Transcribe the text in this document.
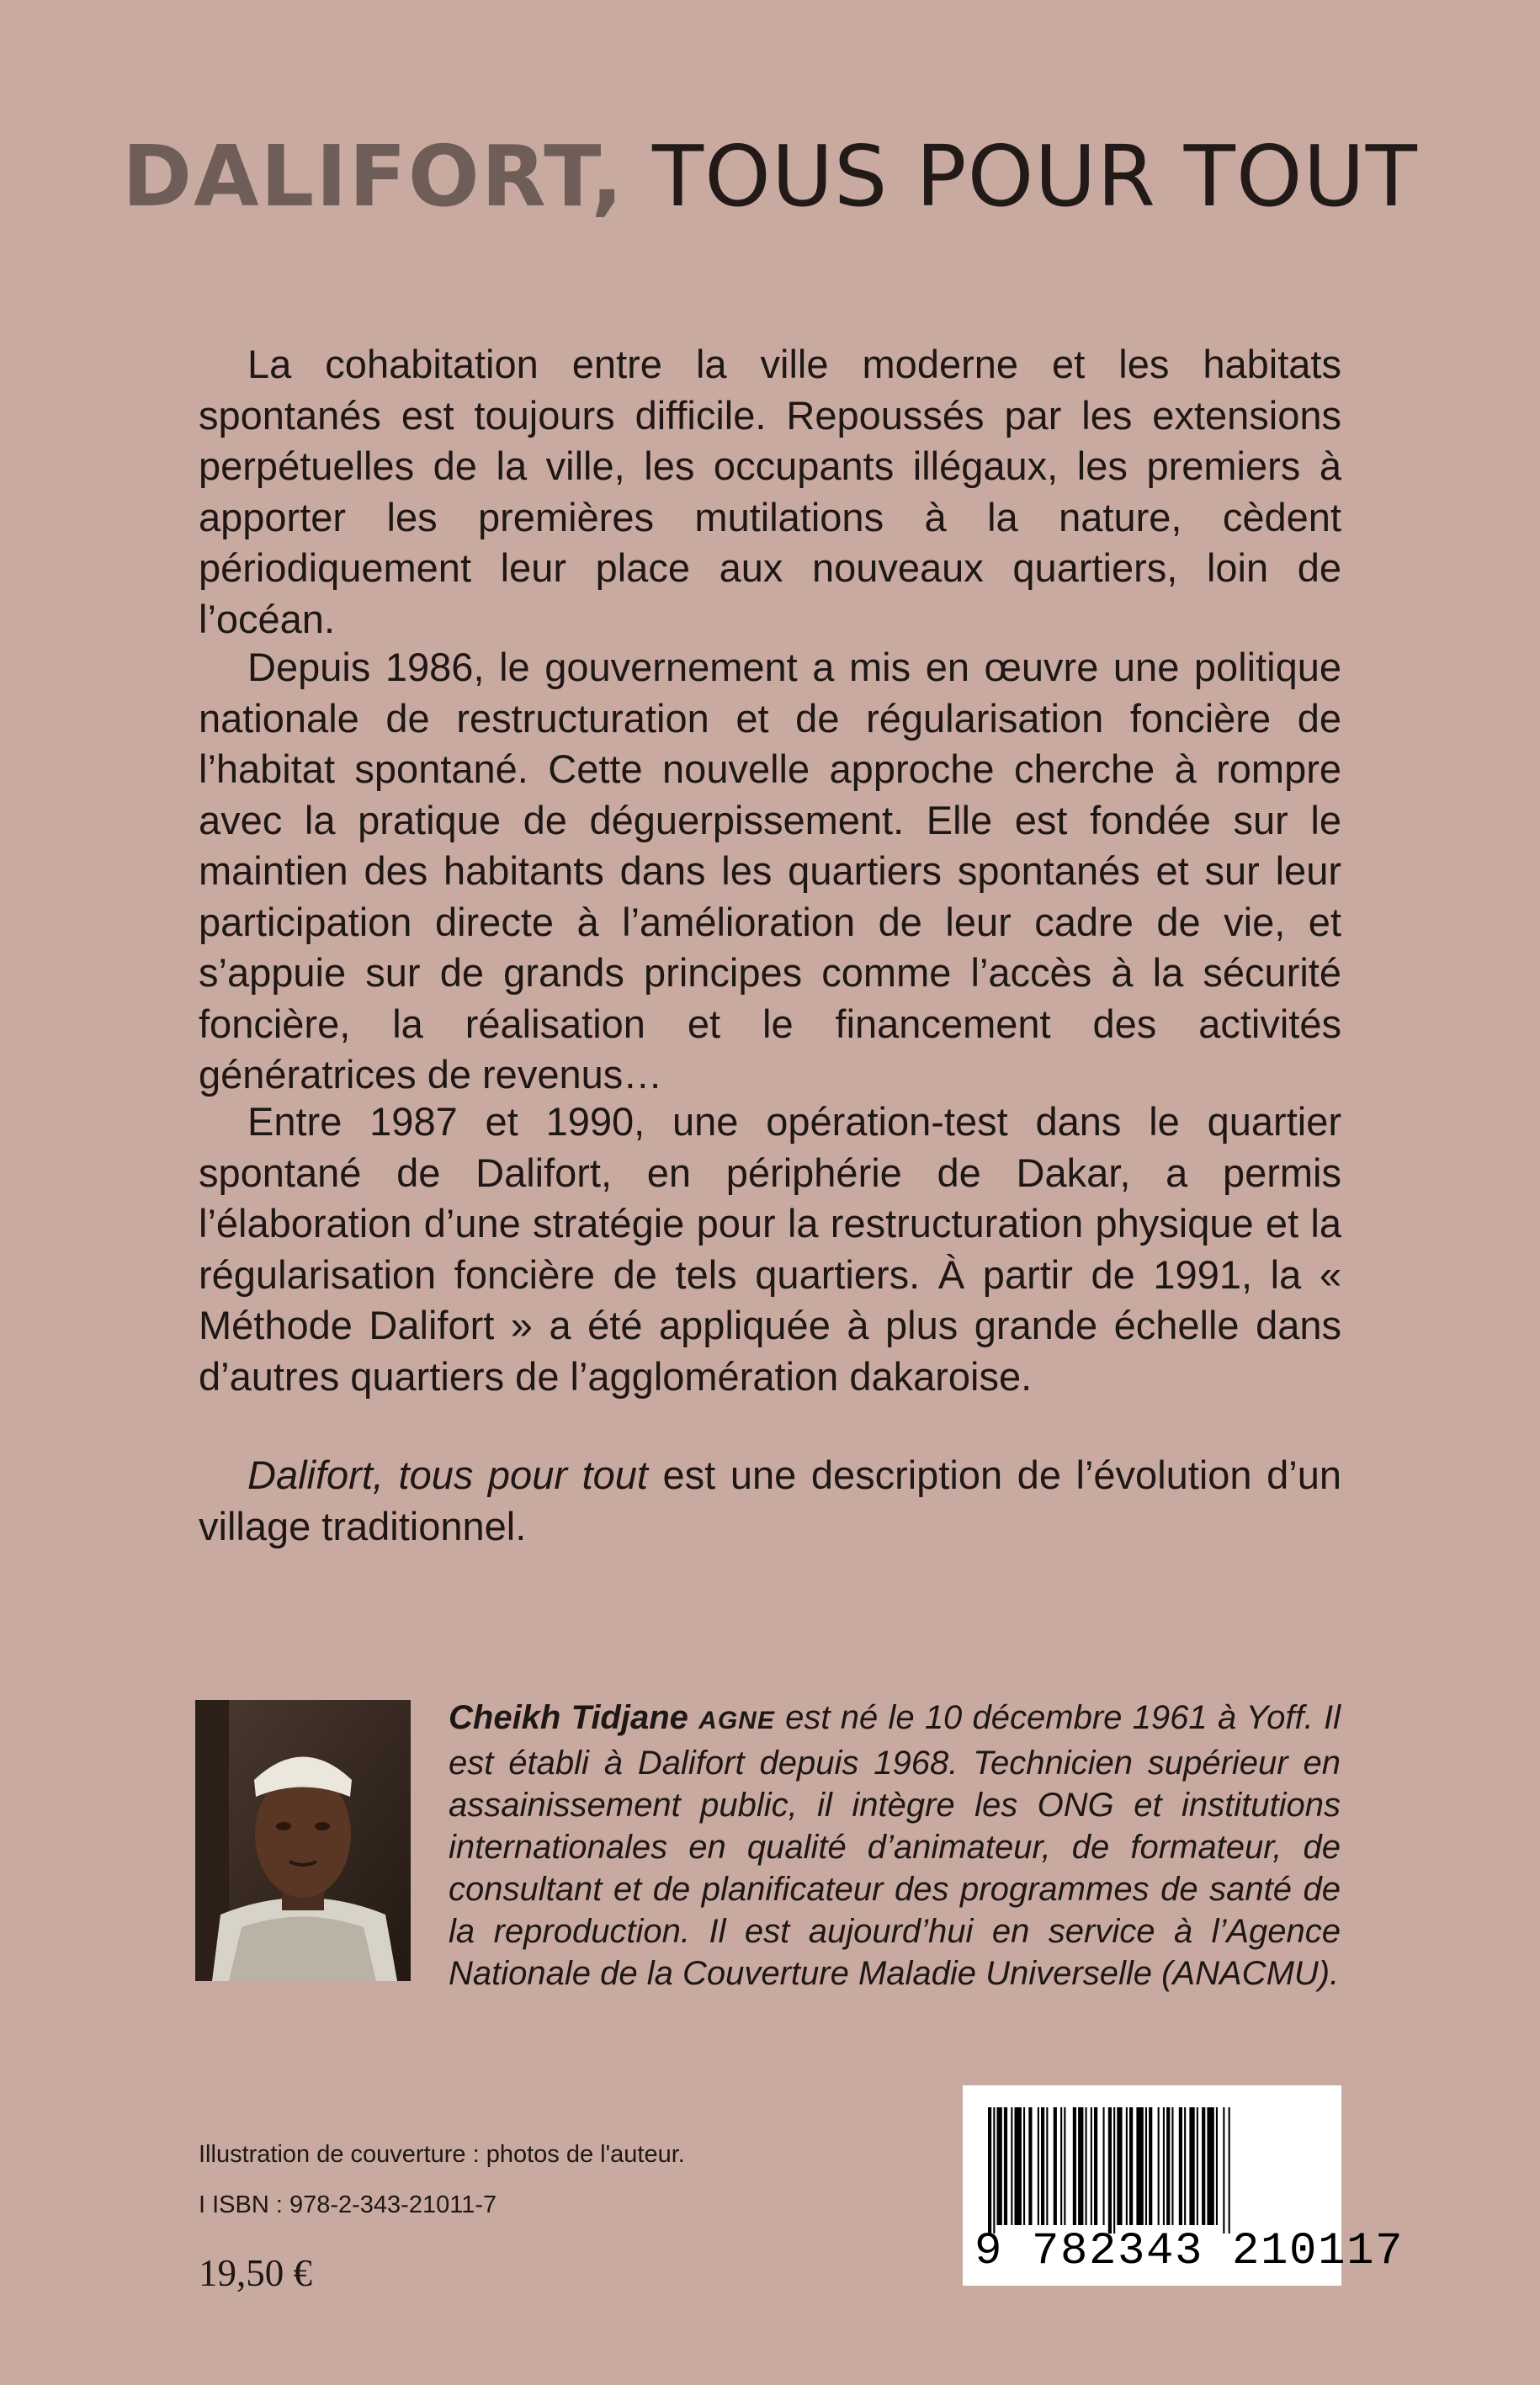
DALIFORT, TOUS POUR TOUT

La cohabitation entre la ville moderne et les habitats spontanés est toujours difficile. Repoussés par les extensions perpétuelles de la ville, les occupants illégaux, les premiers à apporter les premières mutilations à la nature, cèdent périodiquement leur place aux nouveaux quartiers, loin de l’océan.

Depuis 1986, le gouvernement a mis en œuvre une politique nationale de restructuration et de régularisation foncière de l’habitat spontané. Cette nouvelle approche cherche à rompre avec la pratique de déguerpissement. Elle est fondée sur le maintien des habitants dans les quartiers spontanés et sur leur participation directe à l’amélioration de leur cadre de vie, et s’appuie sur de grands principes comme l’accès à la sécurité foncière, la réalisation et le financement des activités génératrices de revenus…

Entre 1987 et 1990, une opération-test dans le quartier spontané de Dalifort, en périphérie de Dakar, a permis l’élaboration d’une stratégie pour la restructuration physique et la régularisation foncière de tels quartiers. À partir de 1991, la « Méthode Dalifort » a été appliquée à plus grande échelle dans d’autres quartiers de l’agglomération dakaroise.

Dalifort, tous pour tout est une description de l’évolution d’un village traditionnel.

Cheikh Tidjane AGNE est né le 10 décembre 1961 à Yoff. Il est établi à Dalifort depuis 1968. Technicien supérieur en assainissement public, il intègre les ONG et institutions internationales en qualité d’animateur, de formateur, de consultant et de planificateur des programmes de santé de la reproduction. Il est aujourd’hui en service à l’Agence Nationale de la Couverture Maladie Universelle (ANACMU).

Illustration de couverture : photos de l'auteur.

I ISBN : 978-2-343-21011-7

19,50 €	9 782343 210117
